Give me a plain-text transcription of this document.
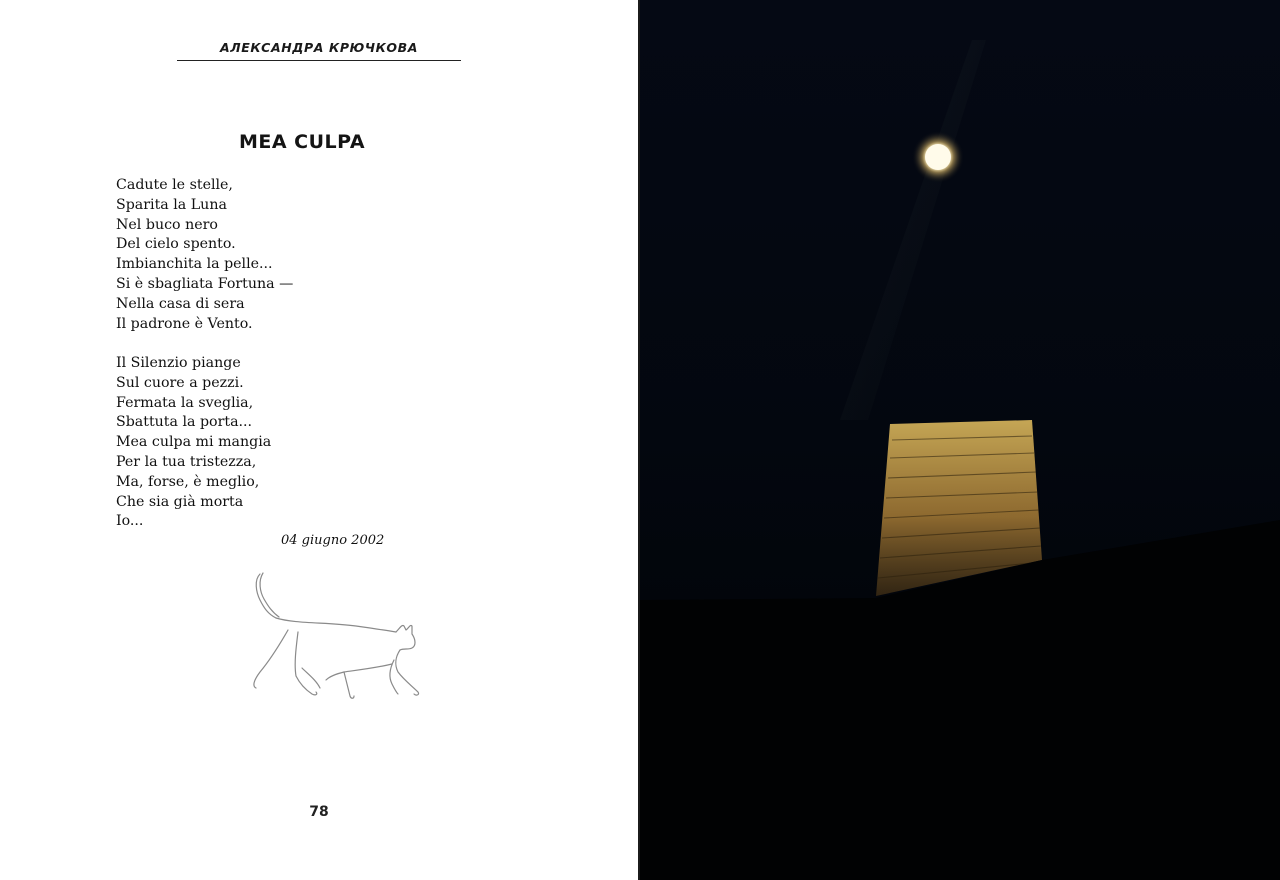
АЛЕКСАНДРА КРЮЧКОВА
MEA CULPA
Cadute le stelle,
Sparita la Luna
Nel buco nero
Del cielo spento.
Imbianchita la pelle...
Si è sbagliata Fortuna —
Nella casa di sera
Il padrone è Vento.
Il Silenzio piange
Sul cuore a pezzi.
Fermata la sveglia,
Sbattuta la porta...
Mea culpa mi mangia
Per la tua tristezza,
Ma, forse, è meglio,
Che sia già morta
Io...
04 giugno 2002
78
